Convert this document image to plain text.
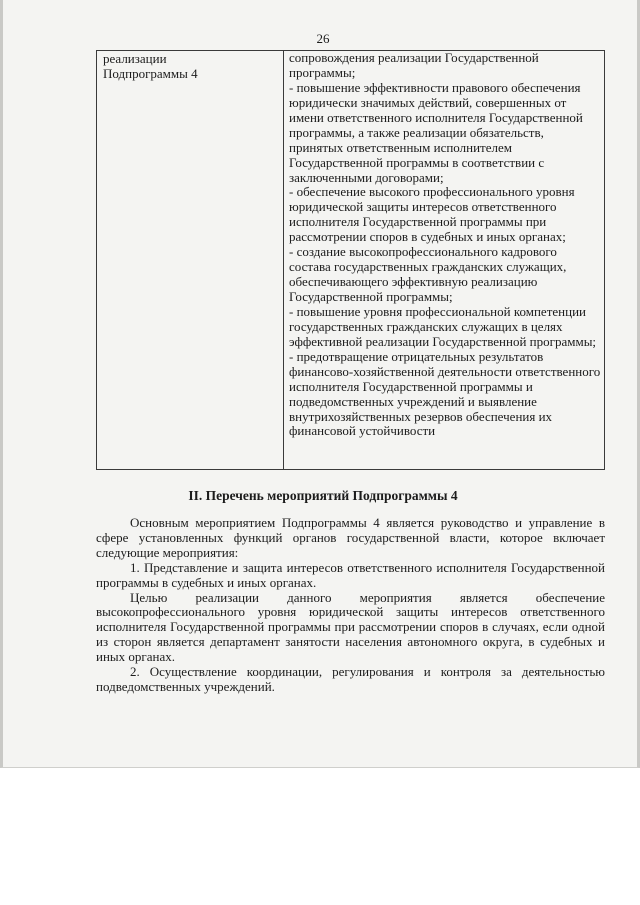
26

реализации

Подпрограммы 4

сопровождения реализации Государственной программы;

- повышение эффективности правового обеспечения юридически значимых действий, совершенных от имени ответственного исполнителя Государственной программы, а также реализации обязательств, принятых ответственным исполнителем Государственной программы в соответствии с заключенными договорами;

- обеспечение высокого профессионального уровня юридической защиты интересов ответственного исполнителя Государственной программы при рассмотрении споров в судебных и иных органах;

- создание высокопрофессионального кадрового состава государственных гражданских служащих, обеспечивающего эффективную реализацию Государственной программы;

- повышение уровня профессиональной компетенции государственных гражданских служащих в целях эффективной реализации Государственной программы;

- предотвращение отрицательных результатов финансово-хозяйственной деятельности ответственного исполнителя Государственной программы и подведомственных учреждений и выявление внутрихозяйственных резервов обеспечения их финансовой устойчивости

II. Перечень мероприятий Подпрограммы 4

Основным мероприятием Подпрограммы 4 является руководство и управление в сфере установленных функций органов государственной власти, которое включает следующие мероприятия:

1. Представление и защита интересов ответственного исполнителя Государственной программы в судебных и иных органах.

Целью реализации данного мероприятия является обеспечение высокопрофессионального уровня юридической защиты интересов ответственного исполнителя Государственной программы при рассмотрении споров в случаях, если одной из сторон является департамент занятости населения автономного округа, в судебных и иных органах.

2. Осуществление координации, регулирования и контроля за деятельностью подведомственных учреждений.
